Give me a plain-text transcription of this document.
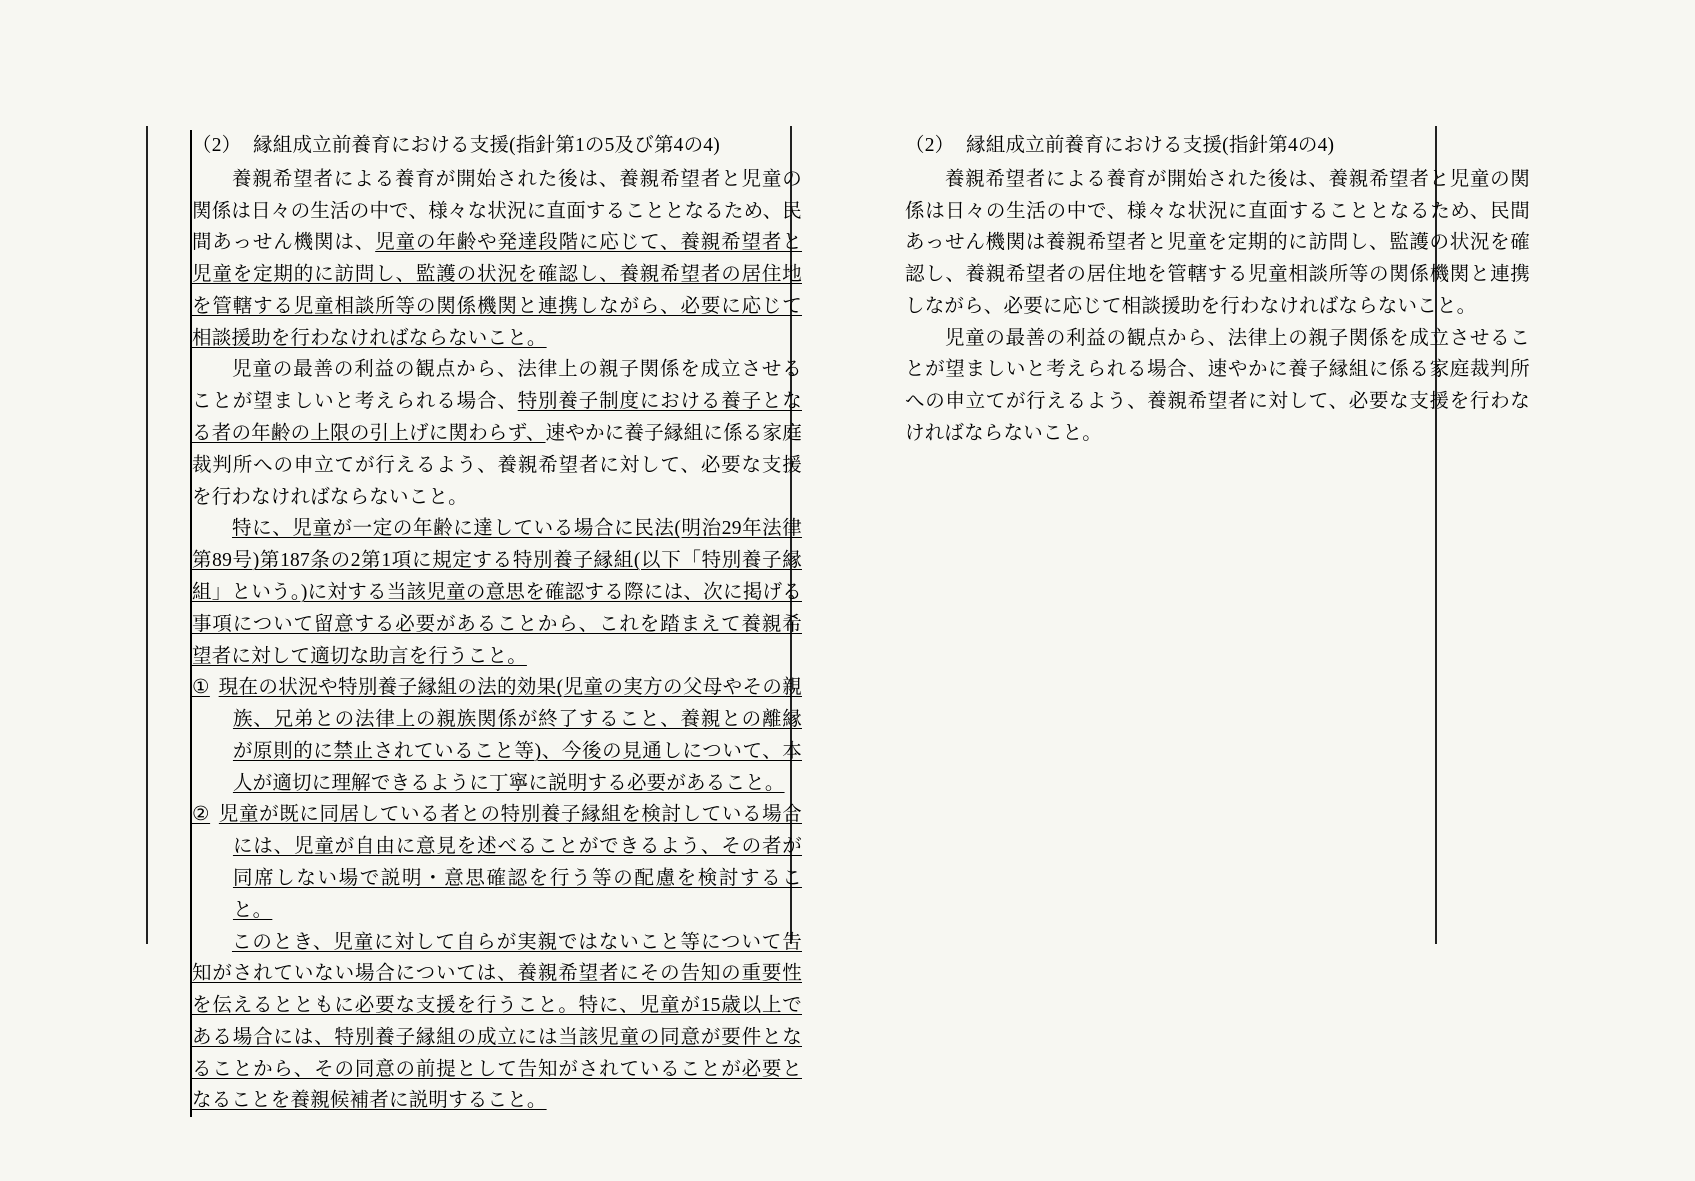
（2） 縁組成立前養育における支援(指針第1の5及び第4の4)
養親希望者による養育が開始された後は、養親希望者と児童の関係は日々の生活の中で、様々な状況に直面することとなるため、民間あっせん機関は、児童の年齢や発達段階に応じて、養親希望者と児童を定期的に訪問し、監護の状況を確認し、養親希望者の居住地を管轄する児童相談所等の関係機関と連携しながら、必要に応じて相談援助を行わなければならないこと。
児童の最善の利益の観点から、法律上の親子関係を成立させることが望ましいと考えられる場合、特別養子制度における養子となる者の年齢の上限の引上げに関わらず、速やかに養子縁組に係る家庭裁判所への申立てが行えるよう、養親希望者に対して、必要な支援を行わなければならないこと。
特に、児童が一定の年齢に達している場合に民法(明治29年法律第89号)第187条の2第1項に規定する特別養子縁組(以下「特別養子縁組」という。)に対する当該児童の意思を確認する際には、次に掲げる事項について留意する必要があることから、これを踏まえて養親希望者に対して適切な助言を行うこと。
① 現在の状況や特別養子縁組の法的効果(児童の実方の父母やその親族、兄弟との法律上の親族関係が終了すること、養親との離縁が原則的に禁止されていること等)、今後の見通しについて、本人が適切に理解できるように丁寧に説明する必要があること。
② 児童が既に同居している者との特別養子縁組を検討している場合には、児童が自由に意見を述べることができるよう、その者が同席しない場で説明・意思確認を行う等の配慮を検討すること。
このとき、児童に対して自らが実親ではないこと等について告知がされていない場合については、養親希望者にその告知の重要性を伝えるとともに必要な支援を行うこと。特に、児童が15歳以上である場合には、特別養子縁組の成立には当該児童の同意が要件となることから、その同意の前提として告知がされていることが必要となることを養親候補者に説明すること。
（2） 縁組成立前養育における支援(指針第4の4)
養親希望者による養育が開始された後は、養親希望者と児童の関係は日々の生活の中で、様々な状況に直面することとなるため、民間あっせん機関は養親希望者と児童を定期的に訪問し、監護の状況を確認し、養親希望者の居住地を管轄する児童相談所等の関係機関と連携しながら、必要に応じて相談援助を行わなければならないこと。
児童の最善の利益の観点から、法律上の親子関係を成立させることが望ましいと考えられる場合、速やかに養子縁組に係る家庭裁判所への申立てが行えるよう、養親希望者に対して、必要な支援を行わなければならないこと。
